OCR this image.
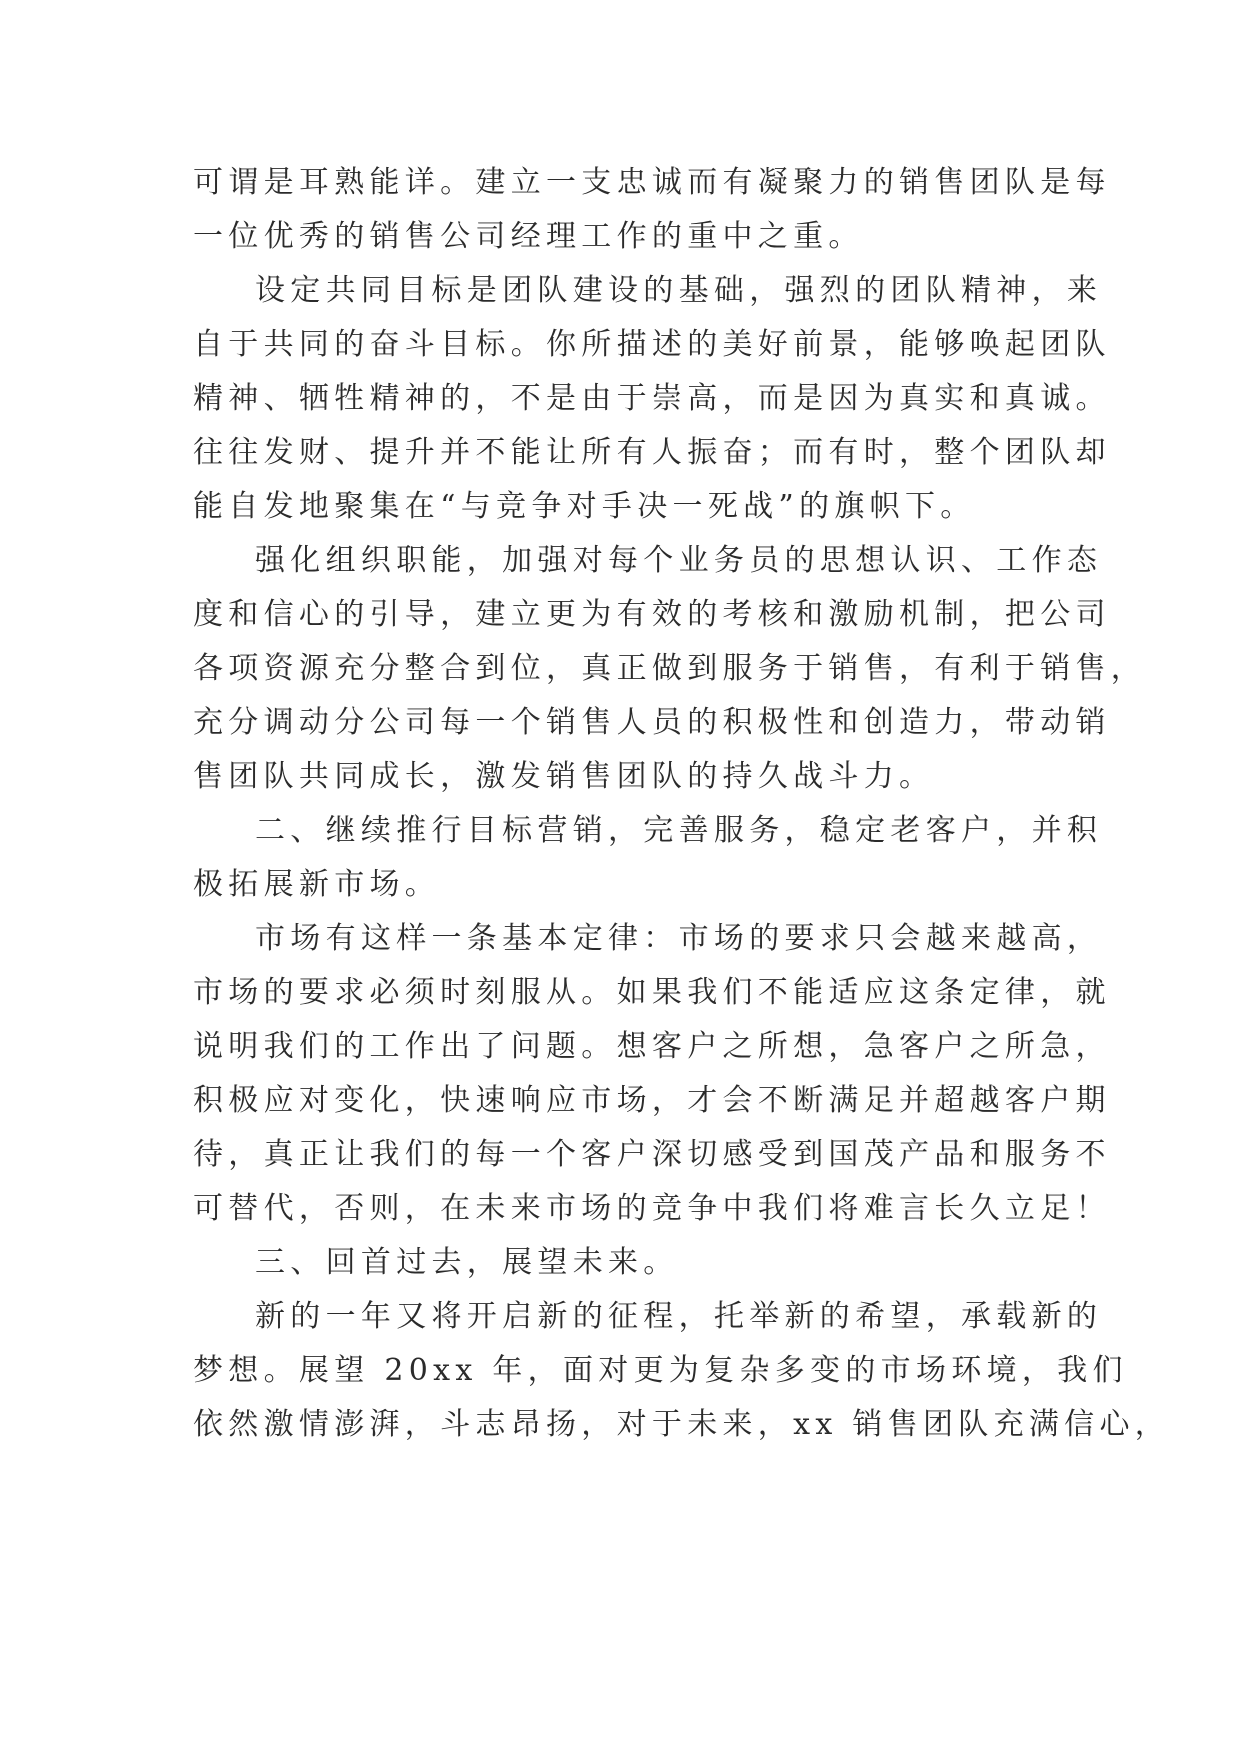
可谓是耳熟能详。建立一支忠诚而有凝聚力的销售团队是每
一位优秀的销售公司经理工作的重中之重。
设定共同目标是团队建设的基础，强烈的团队精神，来
自于共同的奋斗目标。你所描述的美好前景，能够唤起团队
精神、牺牲精神的，不是由于崇高，而是因为真实和真诚。
往往发财、提升并不能让所有人振奋；而有时，整个团队却
能自发地聚集在“与竞争对手决一死战”的旗帜下。
强化组织职能，加强对每个业务员的思想认识、工作态
度和信心的引导，建立更为有效的考核和激励机制，把公司
各项资源充分整合到位，真正做到服务于销售，有利于销售，
充分调动分公司每一个销售人员的积极性和创造力，带动销
售团队共同成长，激发销售团队的持久战斗力。
二、继续推行目标营销，完善服务，稳定老客户，并积
极拓展新市场。
市场有这样一条基本定律：市场的要求只会越来越高，
市场的要求必须时刻服从。如果我们不能适应这条定律，就
说明我们的工作出了问题。想客户之所想，急客户之所急，
积极应对变化，快速响应市场，才会不断满足并超越客户期
待，真正让我们的每一个客户深切感受到国茂产品和服务不
可替代，否则，在未来市场的竞争中我们将难言长久立足！
三、回首过去，展望未来。
新的一年又将开启新的征程，托举新的希望，承载新的
梦想。展望 20xx 年，面对更为复杂多变的市场环境，我们
依然激情澎湃，斗志昂扬，对于未来，xx 销售团队充满信心，
